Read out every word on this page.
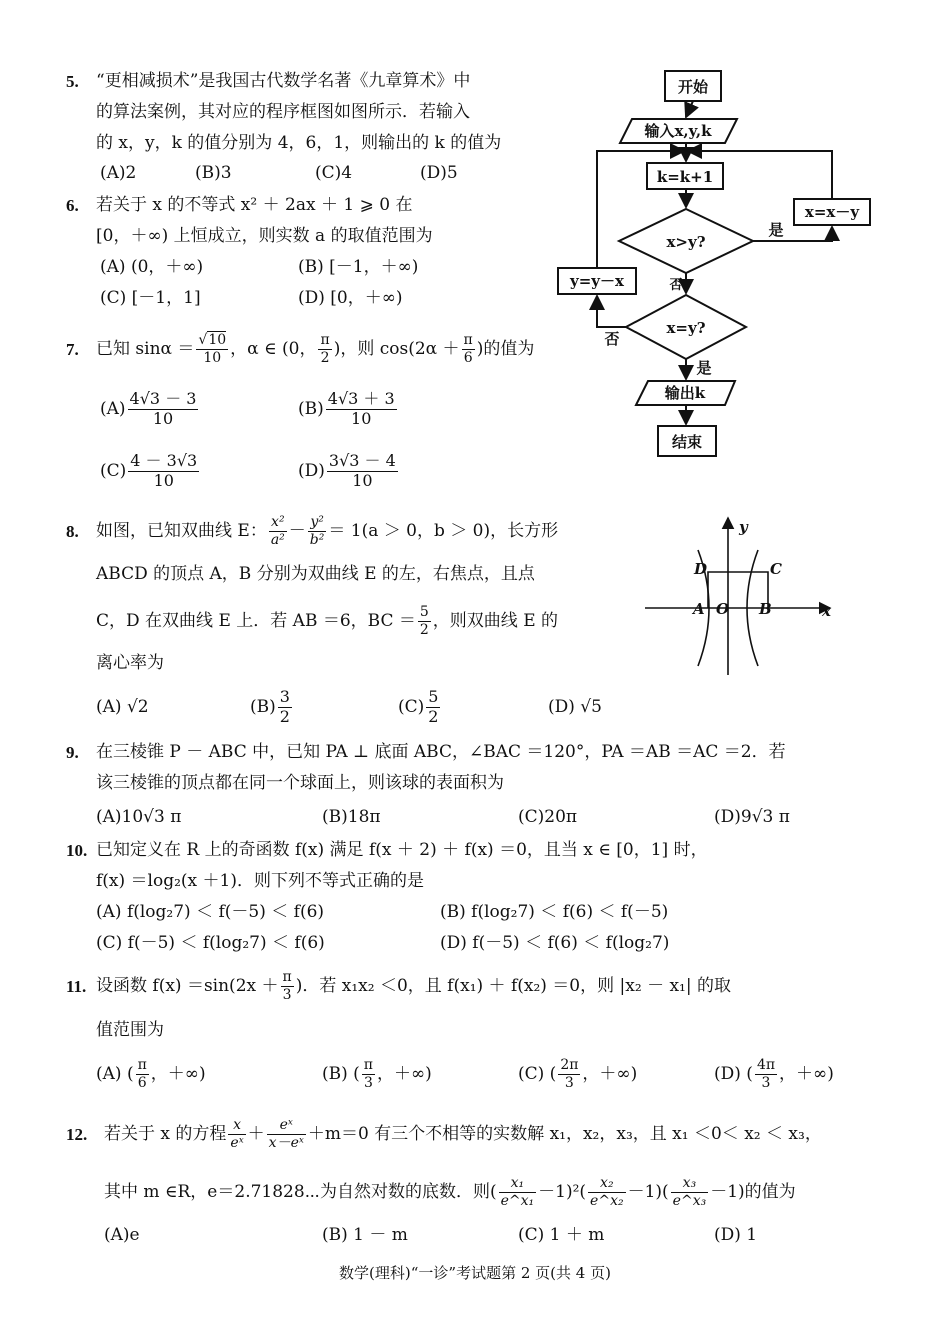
5. “更相减损术”是我国古代数学名著《九章算术》中
的算法案例，其对应的程序框图如图所示．若输入
的 x，y，k 的值分别为 4，6，1，则输出的 k 的值为
(A)2	(B)3	(C)4	(D)5
开始
输入x,y,k
k=k+1
x>y?
x=x－y
是
否
y=y－x
x=y?
否
是
输出k
结束
6. 若关于 x 的不等式 x² ＋ 2ax ＋ 1 ⩾ 0 在
[0，＋∞) 上恒成立，则实数 a 的取值范围为
(A) (0，＋∞)	(B) [－1，＋∞)
(C) [－1，1]	(D) [0，＋∞)
7. 已知 $\sin\alpha = \frac{√10}{10}$ ，α ∈ (0， $\frac{\pi}{2}$ )，则 $\cos(2\alpha + \frac{\pi}{6}$ )的值为
$(A) \frac{4√3 - 3}{10}$	$(B) \frac{4√3 + 3}{10}$
$(C) \frac{4 - 3√3}{10}$	$(D) \frac{3√3 - 4}{10}$
8. 如图，已知双曲线 E： $\frac{\text{x²}}{\text{a²}} - \frac{\text{y²}}{\text{b²}} = 1(a > 0$，b ＞ 0)，长方形
ABCD 的顶点 A，B 分别为双曲线 E 的左，右焦点，且点
C，D 在双曲线 E 上．若 AB ＝6，BC ＝ $\frac{5}{2}$ ，则双曲线 E 的
离心率为
(A) √2	$(B) \frac{3}{2}$	$(C) \frac{5}{2}$	(D) √5
y
x
D	C
A O B
9. 在三棱锥 P － ABC 中，已知 PA ⊥ 底面 ABC，∠BAC ＝120°，PA ＝AB ＝AC ＝2．若
该三棱锥的顶点都在同一个球面上，则该球的表面积为
(A)10√3 π	(B)18π	(C)20π	(D)9√3 π
10. 已知定义在 R 上的奇函数 f(x) 满足 f(x ＋ 2) ＋ f(x) ＝0，且当 x ∈ [0，1] 时，
f(x) ＝log₂(x ＋1)．则下列不等式正确的是
(A) f(log₂7) ＜ f(－5) ＜ f(6)	(B) f(log₂7) ＜ f(6) ＜ f(－5)
(C) f(－5) ＜ f(log₂7) ＜ f(6)	(D) f(－5) ＜ f(6) ＜ f(log₂7)
11. 设函数 $f(x) =\sin(2x + \frac{\pi}{3}$ )．若 x₁x₂ ＜0，且 f(x₁) ＋ f(x₂) ＝0，则 |x₂ － x₁| 的取
值范围为
(A) ( $\frac{\pi}{6}$ ，＋∞)	(B) ( $\frac{\pi}{3}$ ，＋∞)	(C) ( $\frac{2\pi}{3}$ ，＋∞)	(D) ( $\frac{4\pi}{3}$ ，＋∞)
12. 若关于 x 的方程 $\frac{x}{\text{eˣ}} + \frac{\text{eˣ}}{\text{x－eˣ}} +m=0$ 有三个不相等的实数解 x₁，x₂，x₃，且 x₁ ＜0＜ x₂ ＜ x₃，
其中 m ∈R，e＝2.71828⋯为自然对数的底数．则( $\frac{\text{x₁}}{\text{e\textasciicircum{}x₁}} -1)^2( \frac{\text{x₂}}{\text{e\textasciicircum{}x₂}} -1)( \frac{\text{x₃}}{\text{e\textasciicircum{}x₃}} -1)$的值为
(A)e	(B) 1 － m	(C) 1 ＋ m	(D) 1
数学(理科)“一诊”考试题第 2 页(共 4 页)
